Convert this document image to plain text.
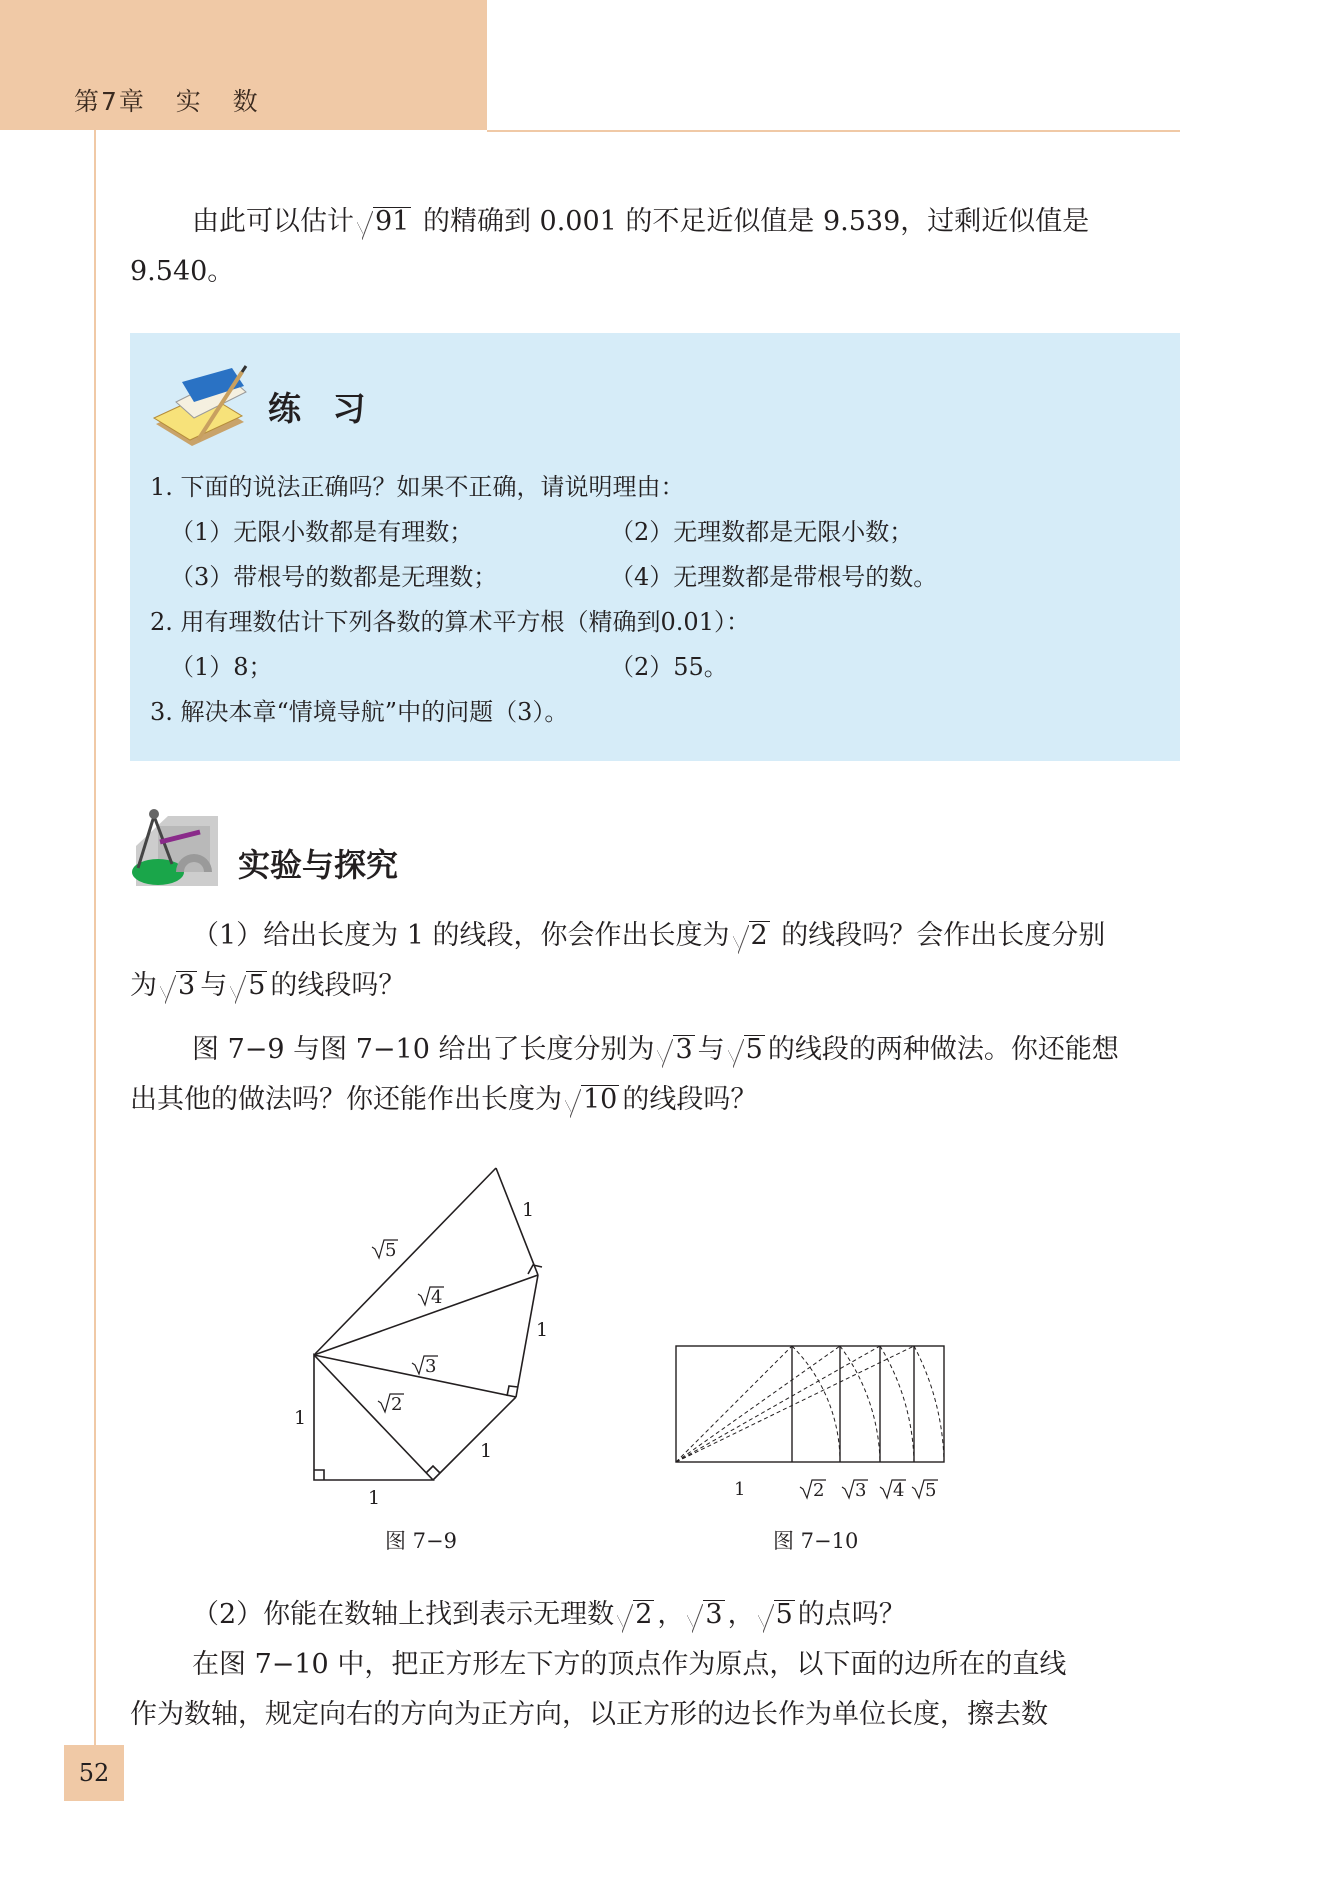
第7章   实   数

由此可以估计 91 的精确到 0.001 的不足近似值是 9.539，过剩近似值是
9.540。

练 习
1. 下面的说法正确吗？如果不正确，请说明理由：
（1）无限小数都是有理数；	（2）无理数都是无限小数；
（3）带根号的数都是无理数；	（4）无理数都是带根号的数。
2. 用有理数估计下列各数的算术平方根（精确到0.01）：
（1）8；	（2）55。
3. 解决本章“情境导航”中的问题（3）。
实验与探究

（1）给出长度为 1 的线段，你会作出长度为 2 的线段吗？会作出长度分别
为 3 与 5 的线段吗？

图 7−9 与图 7−10 给出了长度分别为 3 与 5 的线段的两种做法。你还能想
出其他的做法吗？你还能作出长度为 10 的线段吗？

1
1
1
1
1
2
3
4
5
图 7−9
1	2 3 4 5
图 7−10

（2）你能在数轴上找到表示无理数 2 ， 3 ， 5 的点吗？

在图 7−10 中，把正方形左下方的顶点作为原点，以下面的边所在的直线
作为数轴，规定向右的方向为正方向，以正方形的边长作为单位长度，擦去数

52
